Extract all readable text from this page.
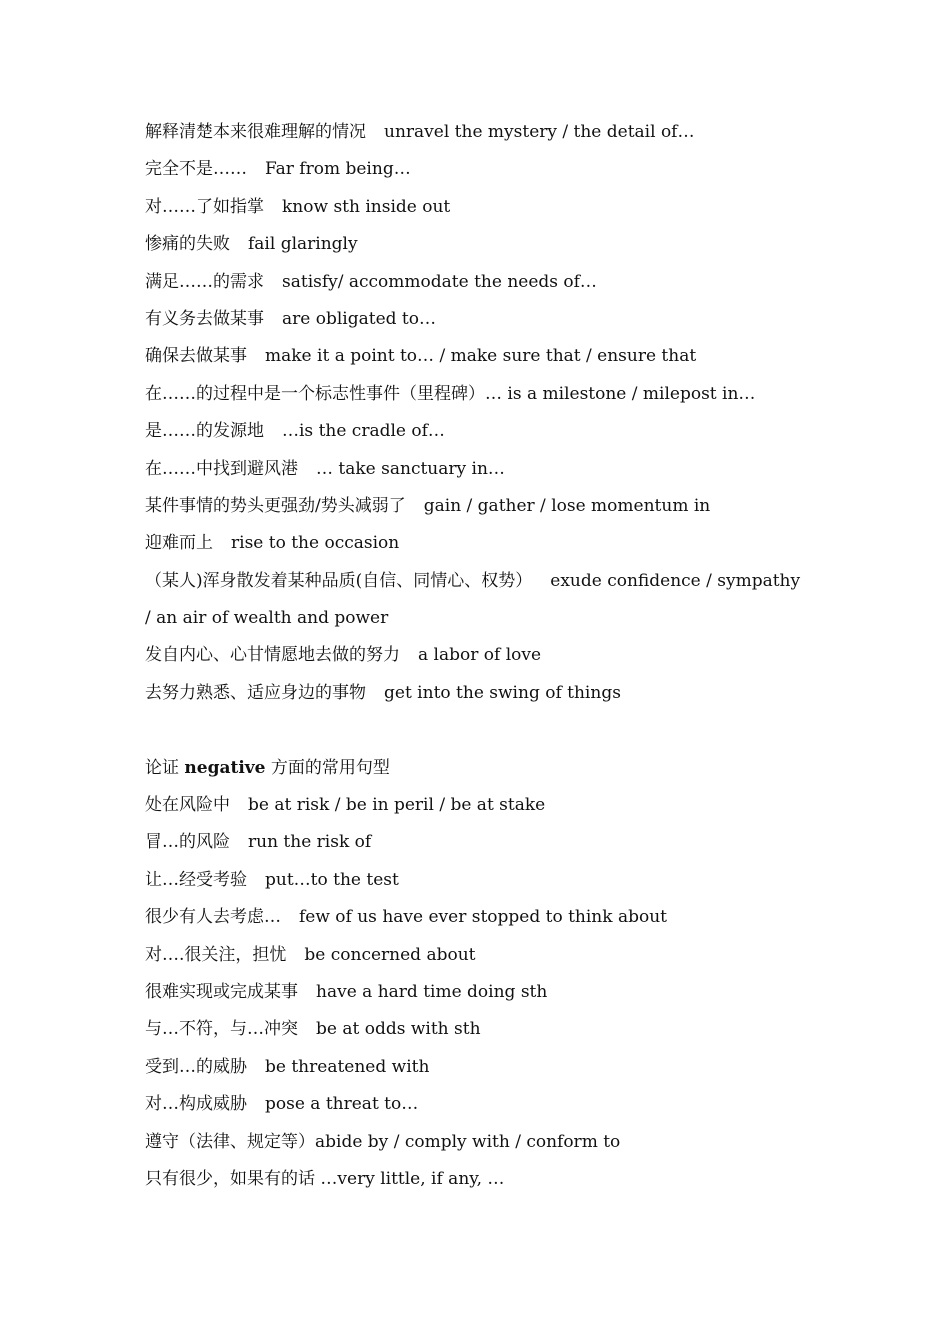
解释清楚本来很难理解的情况 unravel the mystery / the detail of…
完全不是…… Far from being…
对……了如指掌 know sth inside out
惨痛的失败 fail glaringly
满足……的需求 satisfy/ accommodate the needs of…
有义务去做某事 are obligated to…
确保去做某事 make it a point to… / make sure that / ensure that
在……的过程中是一个标志性事件（里程碑）… is a milestone / milepost in…
是……的发源地 …is the cradle of…
在……中找到避风港 … take sanctuary in…
某件事情的势头更强劲/势头减弱了 gain / gather / lose momentum in
迎难而上 rise to the occasion
（某人)浑身散发着某种品质(自信、同情心、权势） exude confidence / sympathy
/ an air of wealth and power
发自内心、心甘情愿地去做的努力 a labor of love
去努力熟悉、适应身边的事物 get into the swing of things
论证 negative 方面的常用句型
处在风险中 be at risk / be in peril / be at stake
冒…的风险 run the risk of
让…经受考验 put…to the test
很少有人去考虑… few of us have ever stopped to think about
对….很关注，担忧 be concerned about
很难实现或完成某事 have a hard time doing sth
与…不符，与…冲突 be at odds with sth
受到…的威胁 be threatened with
对…构成威胁 pose a threat to…
遵守（法律、规定等）abide by / comply with / conform to
只有很少，如果有的话 …very little, if any, …
